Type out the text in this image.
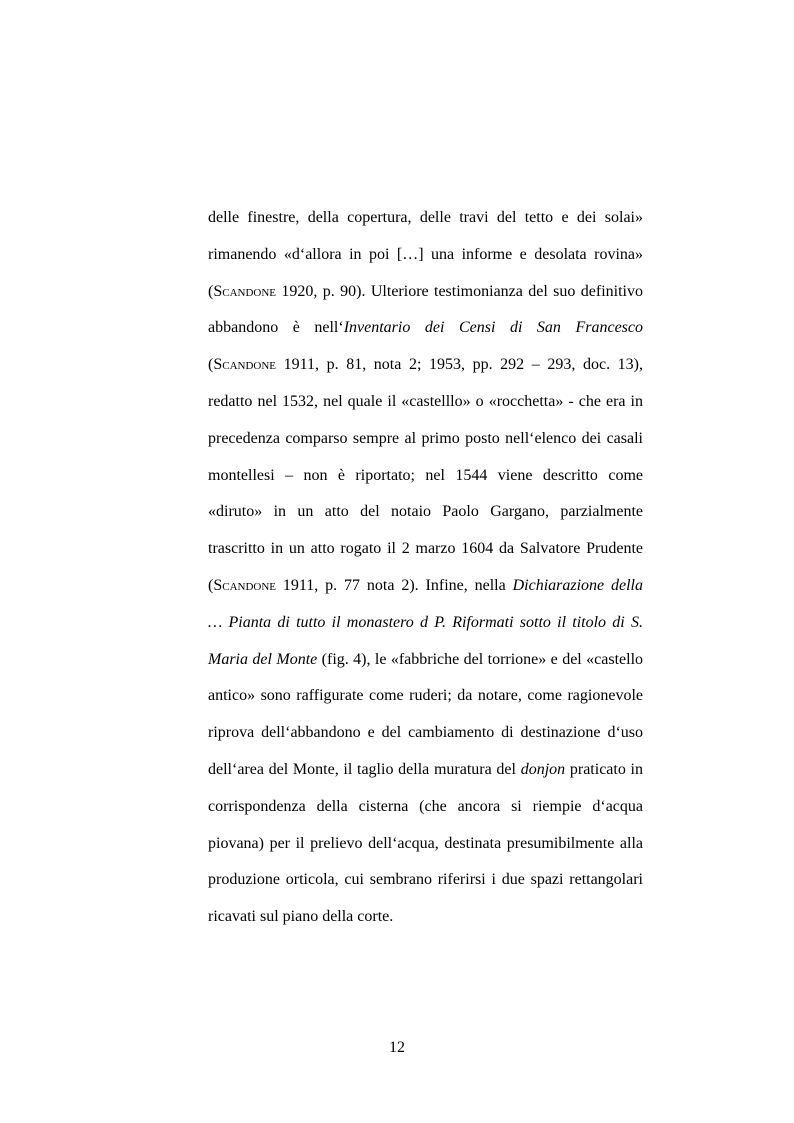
delle finestre, della copertura, delle travi del tetto e dei solai»
rimanendo «d‘allora in poi […] una informe e desolata rovina»
(Scandone 1920, p. 90). Ulteriore testimonianza del suo definitivo
abbandono è nell‘Inventario dei Censi di San Francesco
(Scandone 1911, p. 81, nota 2; 1953, pp. 292 – 293, doc. 13),
redatto nel 1532, nel quale il «castelllo» o «rocchetta» - che era in
precedenza comparso sempre al primo posto nell‘elenco dei casali
montellesi – non è riportato; nel 1544 viene descritto come
«diruto» in un atto del notaio Paolo Gargano, parzialmente
trascritto in un atto rogato il 2 marzo 1604 da Salvatore Prudente
(Scandone 1911, p. 77 nota 2). Infine, nella Dichiarazione della
… Pianta di tutto il monastero d P. Riformati sotto il titolo di S.
Maria del Monte (fig. 4), le «fabbriche del torrione» e del «castello
antico» sono raffigurate come ruderi; da notare, come ragionevole
riprova dell‘abbandono e del cambiamento di destinazione d‘uso
dell‘area del Monte, il taglio della muratura del donjon praticato in
corrispondenza della cisterna (che ancora si riempie d‘acqua
piovana) per il prelievo dell‘acqua, destinata presumibilmente alla
produzione orticola, cui sembrano riferirsi i due spazi rettangolari
ricavati sul piano della corte.
12
